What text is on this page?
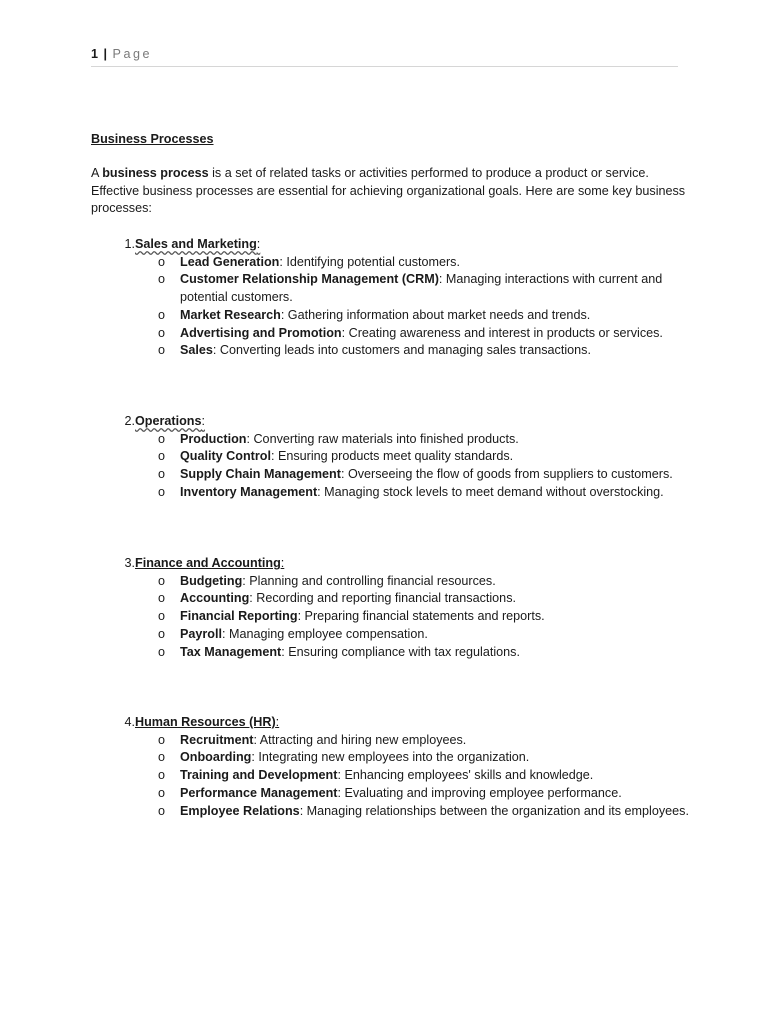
1 | Page
Business Processes

A business process is a set of related tasks or activities performed to produce a product or service. Effective business processes are essential for achieving organizational goals. Here are some key business processes:

1.Sales and Marketing:
o Lead Generation: Identifying potential customers.
o Customer Relationship Management (CRM): Managing interactions with current and potential customers.
o Market Research: Gathering information about market needs and trends.
o Advertising and Promotion: Creating awareness and interest in products or services.
o Sales: Converting leads into customers and managing sales transactions.
2.Operations:
o Production: Converting raw materials into finished products.
o Quality Control: Ensuring products meet quality standards.
o Supply Chain Management: Overseeing the flow of goods from suppliers to customers.
o Inventory Management: Managing stock levels to meet demand without overstocking.
3.Finance and Accounting:
o Budgeting: Planning and controlling financial resources.
o Accounting: Recording and reporting financial transactions.
o Financial Reporting: Preparing financial statements and reports.
o Payroll: Managing employee compensation.
o Tax Management: Ensuring compliance with tax regulations.
4.Human Resources (HR):
o Recruitment: Attracting and hiring new employees.
o Onboarding: Integrating new employees into the organization.
o Training and Development: Enhancing employees' skills and knowledge.
o Performance Management: Evaluating and improving employee performance.
o Employee Relations: Managing relationships between the organization and its employees.
